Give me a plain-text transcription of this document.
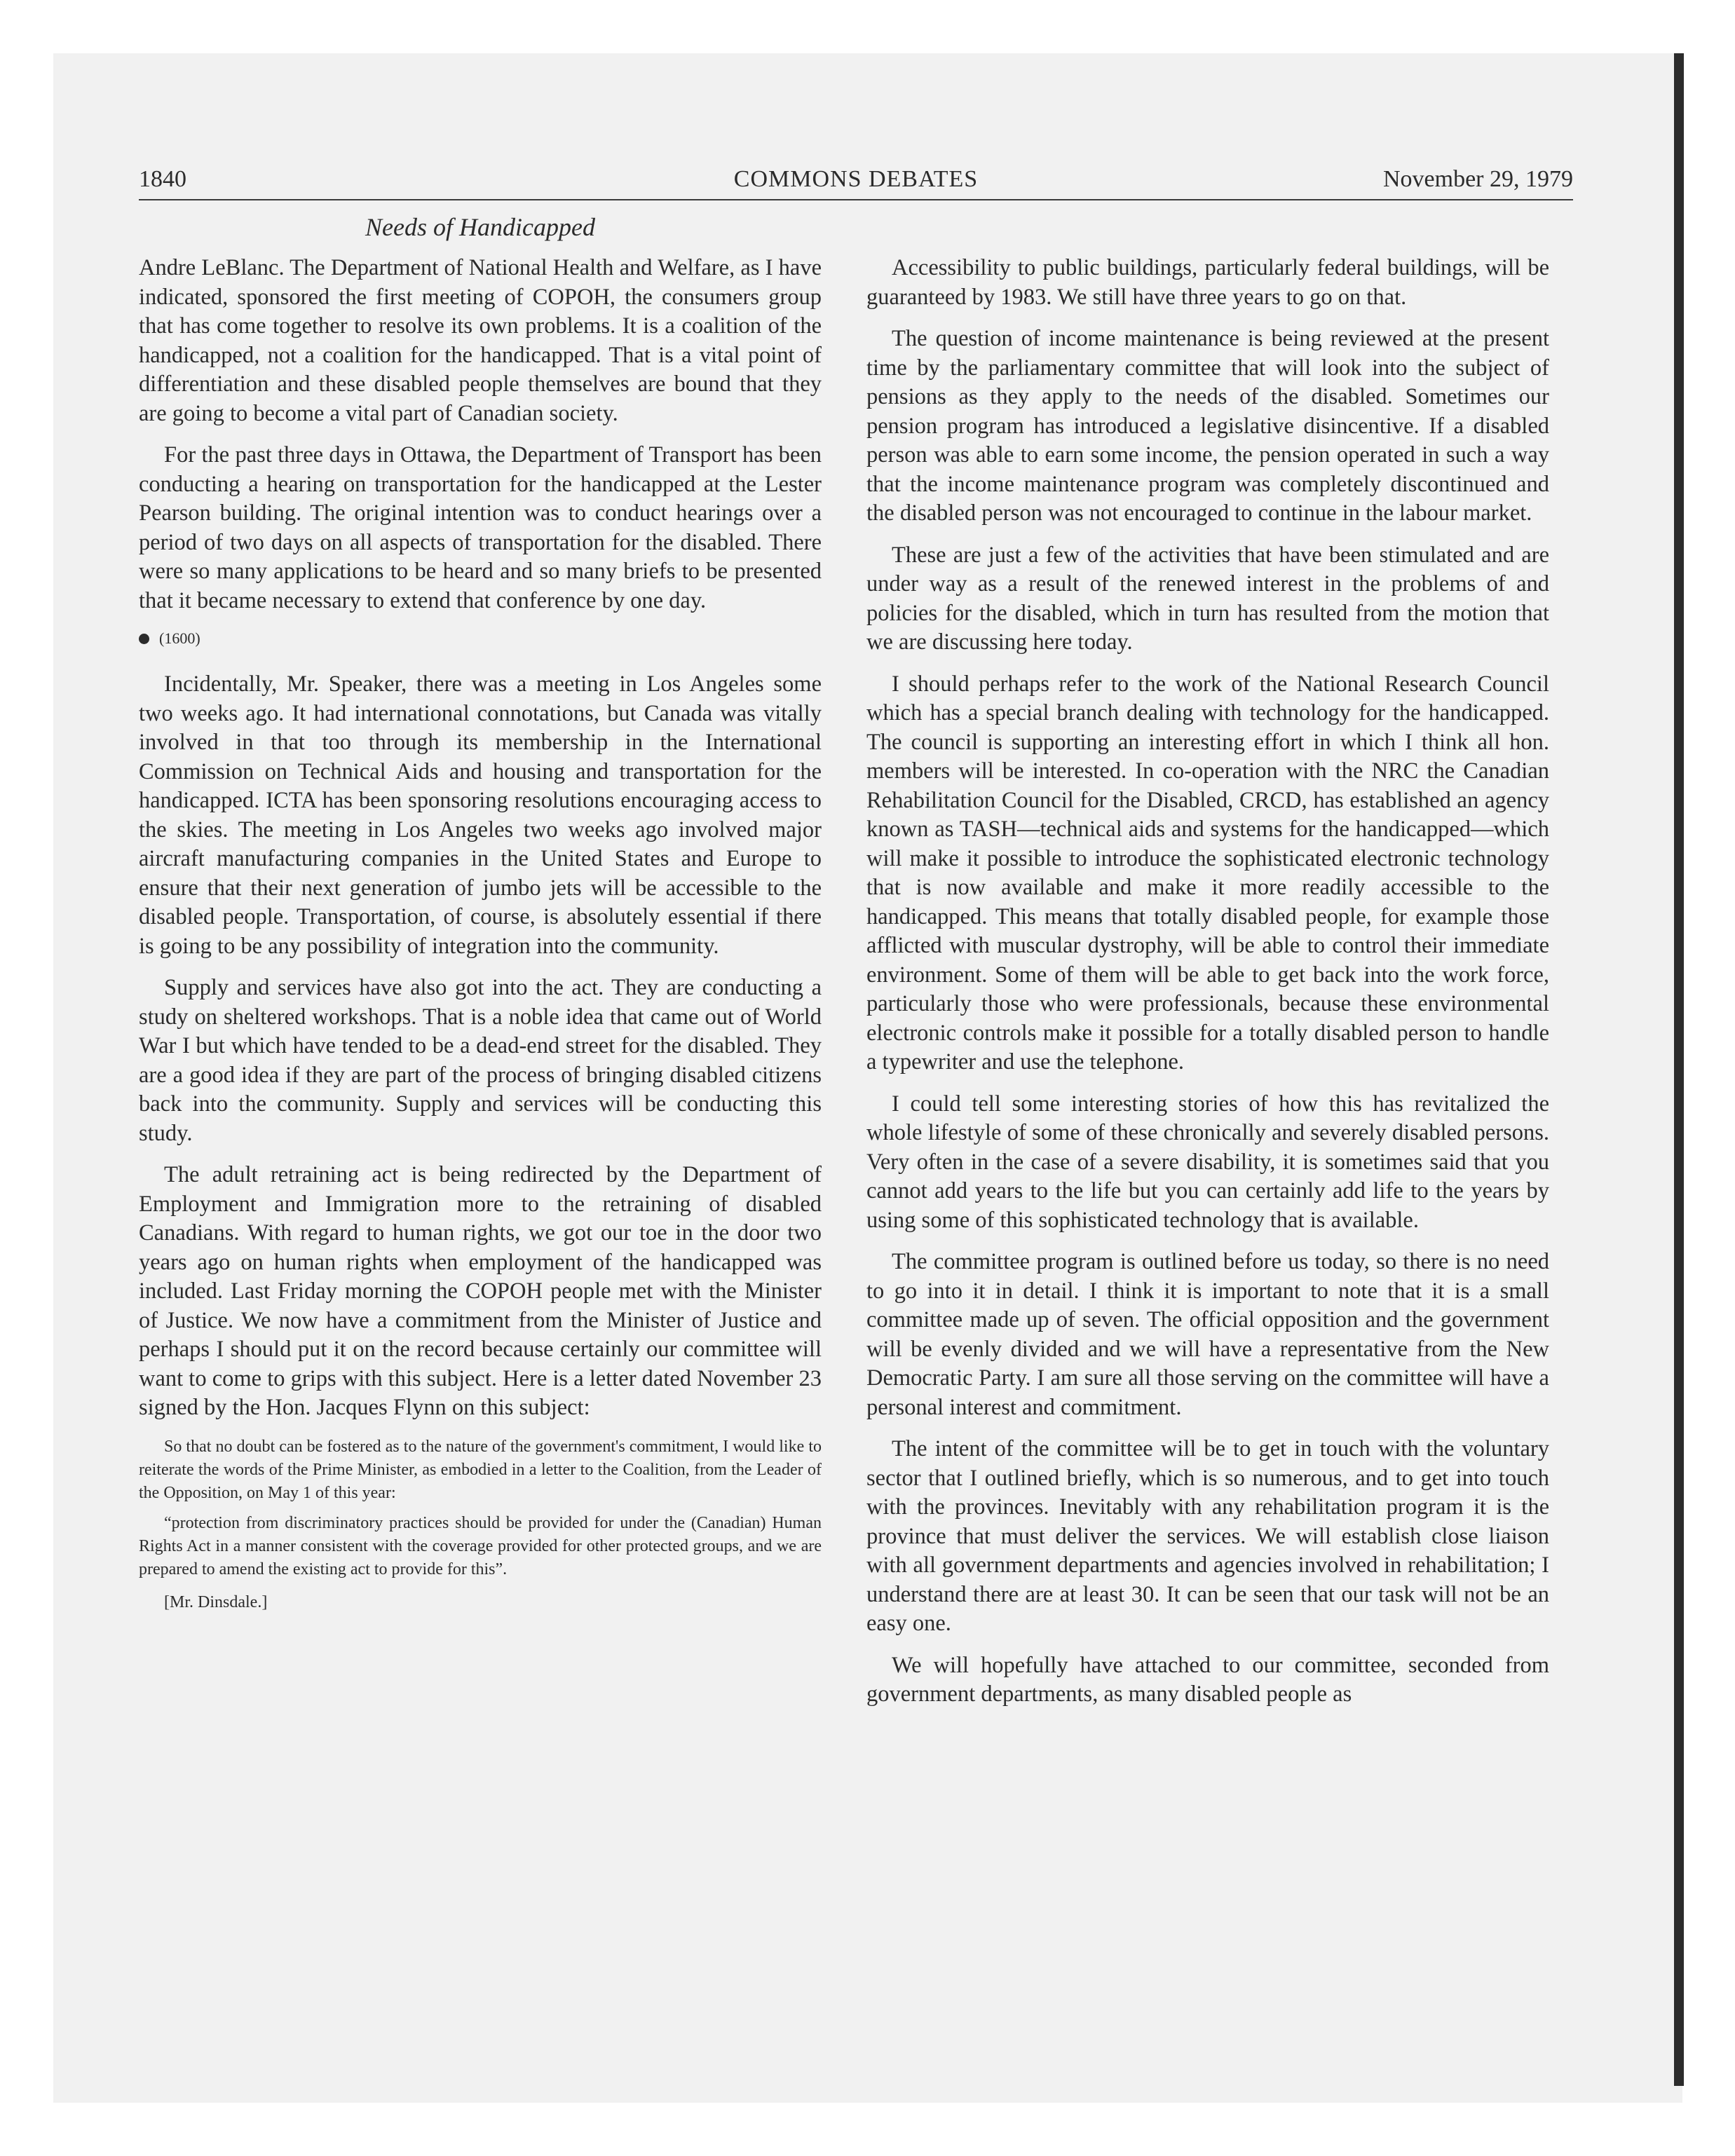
1840	COMMONS DEBATES	November 29, 1979
Needs of Handicapped

Andre LeBlanc. The Department of National Health and Welfare, as I have indicated, sponsored the first meeting of COPOH, the consumers group that has come together to resolve its own problems. It is a coalition of the handicapped, not a coalition for the handicapped. That is a vital point of differentiation and these disabled people themselves are bound that they are going to become a vital part of Canadian society.

For the past three days in Ottawa, the Department of Transport has been conducting a hearing on transportation for the handicapped at the Lester Pearson building. The original intention was to conduct hearings over a period of two days on all aspects of transportation for the disabled. There were so many applications to be heard and so many briefs to be presented that it became necessary to extend that conference by one day.

(1600)

Incidentally, Mr. Speaker, there was a meeting in Los Angeles some two weeks ago. It had international connotations, but Canada was vitally involved in that too through its membership in the International Commission on Technical Aids and housing and transportation for the handicapped. ICTA has been sponsoring resolutions encouraging access to the skies. The meeting in Los Angeles two weeks ago involved major aircraft manufacturing companies in the United States and Europe to ensure that their next generation of jumbo jets will be accessible to the disabled people. Transportation, of course, is absolutely essential if there is going to be any possibility of integration into the community.

Supply and services have also got into the act. They are conducting a study on sheltered workshops. That is a noble idea that came out of World War I but which have tended to be a dead-end street for the disabled. They are a good idea if they are part of the process of bringing disabled citizens back into the community. Supply and services will be conducting this study.

The adult retraining act is being redirected by the Department of Employment and Immigration more to the retraining of disabled Canadians. With regard to human rights, we got our toe in the door two years ago on human rights when employment of the handicapped was included. Last Friday morning the COPOH people met with the Minister of Justice. We now have a commitment from the Minister of Justice and perhaps I should put it on the record because certainly our committee will want to come to grips with this subject. Here is a letter dated November 23 signed by the Hon. Jacques Flynn on this subject:

So that no doubt can be fostered as to the nature of the government's commitment, I would like to reiterate the words of the Prime Minister, as embodied in a letter to the Coalition, from the Leader of the Opposition, on May 1 of this year:

“protection from discriminatory practices should be provided for under the (Canadian) Human Rights Act in a manner consistent with the coverage provided for other protected groups, and we are prepared to amend the existing act to provide for this”.

[Mr. Dinsdale.]

Accessibility to public buildings, particularly federal buildings, will be guaranteed by 1983. We still have three years to go on that.

The question of income maintenance is being reviewed at the present time by the parliamentary committee that will look into the subject of pensions as they apply to the needs of the disabled. Sometimes our pension program has introduced a legislative disincentive. If a disabled person was able to earn some income, the pension operated in such a way that the income maintenance program was completely discontinued and the disabled person was not encouraged to continue in the labour market.

These are just a few of the activities that have been stimulated and are under way as a result of the renewed interest in the problems of and policies for the disabled, which in turn has resulted from the motion that we are discussing here today.

I should perhaps refer to the work of the National Research Council which has a special branch dealing with technology for the handicapped. The council is supporting an interesting effort in which I think all hon. members will be interested. In co-operation with the NRC the Canadian Rehabilitation Council for the Disabled, CRCD, has established an agency known as TASH—technical aids and systems for the handicapped—which will make it possible to introduce the sophisticated electronic technology that is now available and make it more readily accessible to the handicapped. This means that totally disabled people, for example those afflicted with muscular dystrophy, will be able to control their immediate environment. Some of them will be able to get back into the work force, particularly those who were professionals, because these environmental electronic controls make it possible for a totally disabled person to handle a typewriter and use the telephone.

I could tell some interesting stories of how this has revitalized the whole lifestyle of some of these chronically and severely disabled persons. Very often in the case of a severe disability, it is sometimes said that you cannot add years to the life but you can certainly add life to the years by using some of this sophisticated technology that is available.

The committee program is outlined before us today, so there is no need to go into it in detail. I think it is important to note that it is a small committee made up of seven. The official opposition and the government will be evenly divided and we will have a representative from the New Democratic Party. I am sure all those serving on the committee will have a personal interest and commitment.

The intent of the committee will be to get in touch with the voluntary sector that I outlined briefly, which is so numerous, and to get into touch with the provinces. Inevitably with any rehabilitation program it is the province that must deliver the services. We will establish close liaison with all government departments and agencies involved in rehabilitation; I understand there are at least 30. It can be seen that our task will not be an easy one.

We will hopefully have attached to our committee, seconded from government departments, as many disabled people as
